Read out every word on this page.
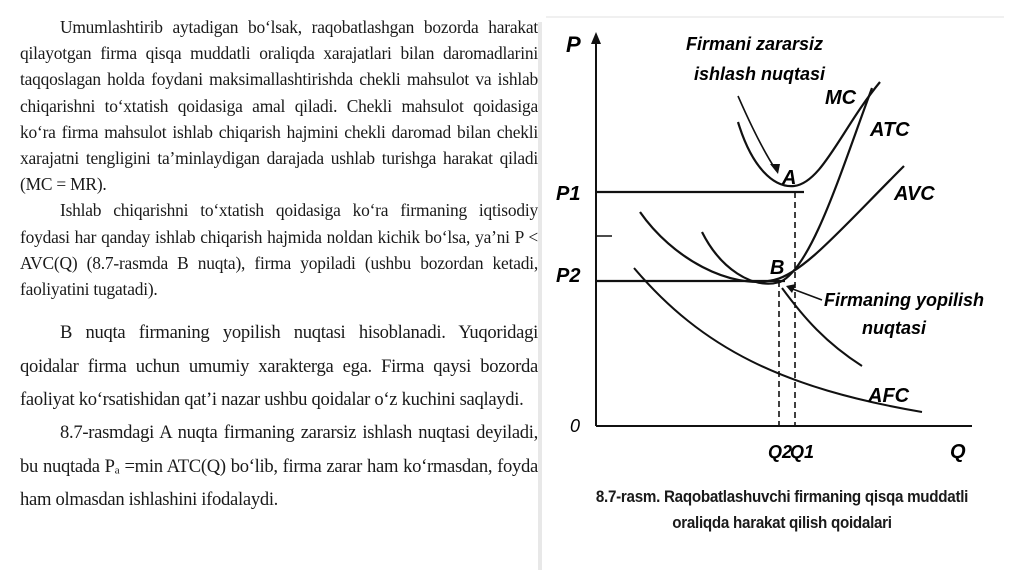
Umumlashtirib aytadigan bo‘lsak, raqobatlashgan bozorda harakat qilayotgan firma qisqa muddatli oraliqda xarajatlari bilan daromadlarini taqqoslagan holda foydani maksimallashtirishda chekli mahsulot va ishlab chiqarishni to‘xtatish qoidasiga amal qiladi. Chekli mahsulot qoidasiga ko‘ra firma mahsulot ishlab chiqarish hajmini chekli daromad bilan chekli xarajatni tengligini ta’minlaydigan darajada ushlab turishga harakat qiladi (MC = MR).

Ishlab chiqarishni to‘xtatish qoidasiga ko‘ra firmaning iqtisodiy foydasi har qanday ishlab chiqarish hajmida noldan kichik bo‘lsa, ya’ni P < AVC(Q) (8.7-rasmda B nuqta), firma yopiladi (ushbu bozordan ketadi, faoliyatini tugatadi).

B nuqta firmaning yopilish nuqtasi hisoblanadi. Yuqoridagi qoidalar firma uchun umumiy xarakterga ega. Firma qaysi bozorda faoliyat ko‘rsatishidan qat’i nazar ushbu qoidalar o‘z kuchini saqlaydi.

8.7-rasmdagi A nuqta firmaning zararsiz ishlash nuqtasi deyiladi, bu nuqtada Pₐ =min ATC(Q) bo‘lib, firma zarar ham ko‘rmasdan, foyda ham olmasdan ishlashini ifodalaydi.

P
Q
0
P1
P2
Q2
Q1
MC
ATC
AVC
AFC
A
B
Firmani zararsiz
ishlash nuqtasi
Firmaning yopilish
nuqtasi
8.7-rasm. Raqobatlashuvchi firmaning qisqa muddatli
oraliqda harakat qilish qoidalari
